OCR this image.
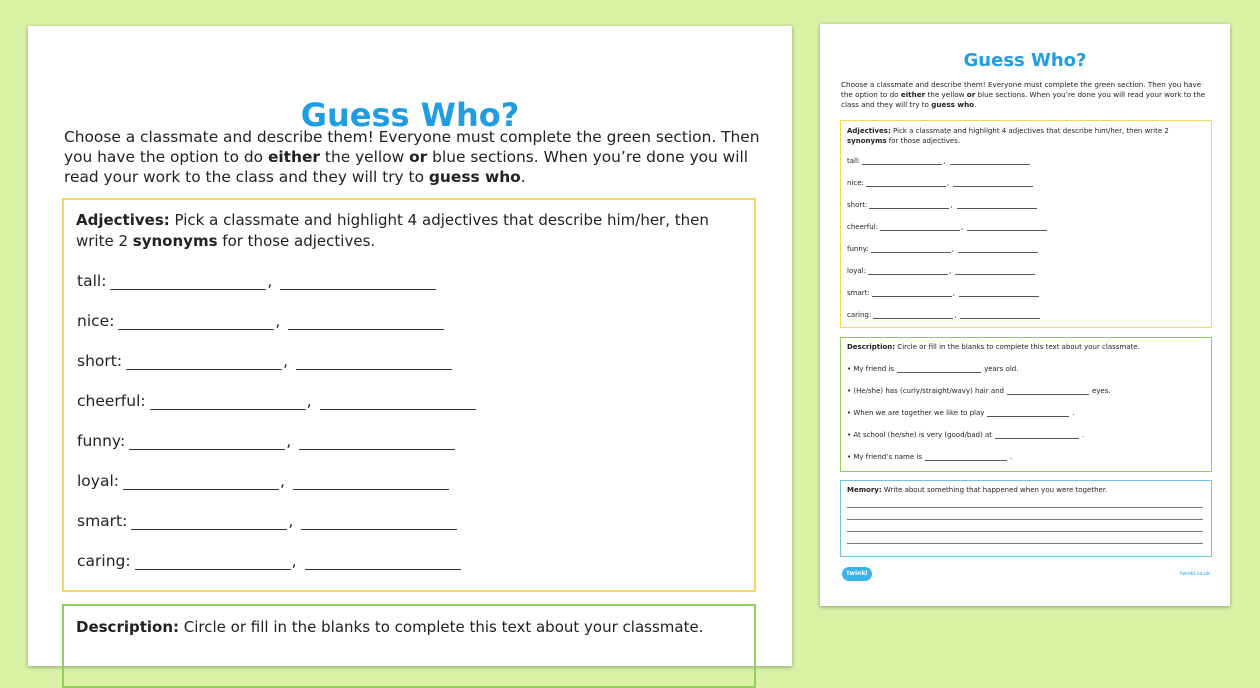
Guess Who?
Choose a classmate and describe them! Everyone must complete the green section. Then you have the option to do either the yellow or blue sections. When you’re done you will read your work to the class and they will try to guess who.
Adjectives: Pick a classmate and highlight 4 adjectives that describe him/her, then write 2 synonyms for those adjectives.
tall:	,
nice:	,
short:	,
cheerful:	,
funny:	,
loyal:	,
smart:	,
caring:	,
Description: Circle or fill in the blanks to complete this text about your classmate.
Guess Who?
Choose a classmate and describe them! Everyone must complete the green section. Then you have the option to do either the yellow or blue sections. When you’re done you will read your work to the class and they will try to guess who.
Adjectives: Pick a classmate and highlight 4 adjectives that describe him/her, then write 2 synonyms for those adjectives.
tall:	,
nice:	,
short:	,
cheerful:	,
funny:	,
loyal:	,
smart:	,
caring:	,
Description: Circle or fill in the blanks to complete this text about your classmate.
• My friend is	years old.
• (He/she) has (curly/straight/wavy) hair and	eyes.
• When we are together we like to play	.
• At school (he/she) is very (good/bad) at	.
• My friend’s name is	.
Memory: Write about something that happened when you were together.
twinkl	twinkl.co.uk
